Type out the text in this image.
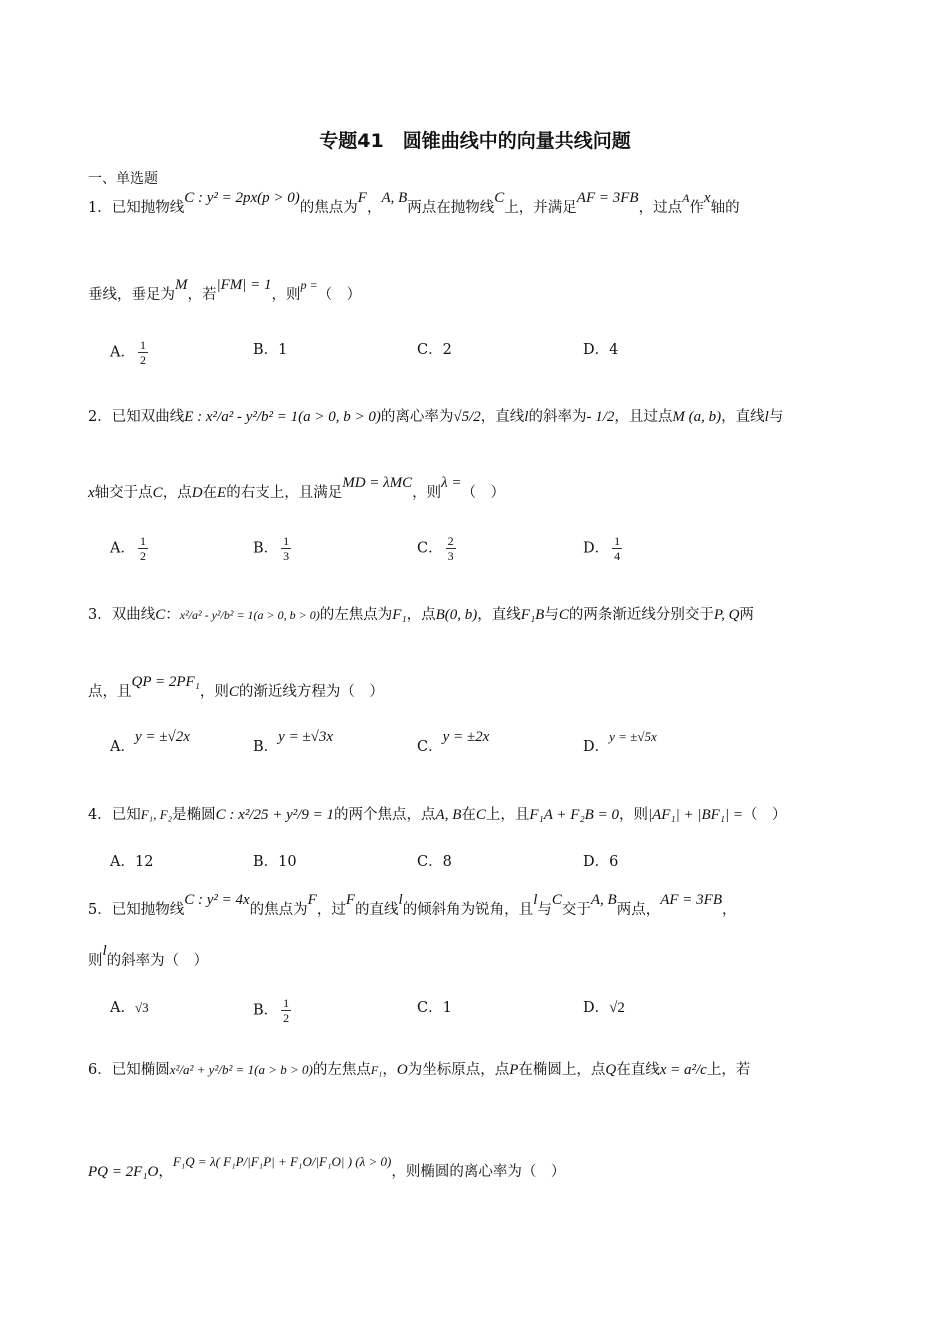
专题41　圆锥曲线中的向量共线问题
一、单选题
1．已知抛物线C : y² = 2px(p > 0)的焦点为F，A, B两点在抛物线C上，并满足AF = 3FB，过点$^A$作x轴的
垂线，垂足为M，若|FM| = 1，则$^{p =}$（　）
A． $\frac{1}{2}$	B．1	C．2	D．4
2．已知双曲线E : x²/a² - y²/b² = 1(a > 0, b > 0)的离心率为√5/2，直线l的斜率为- 1/2，且过点M (a, b)，直线l与
x轴交于点C，点D在E的右支上，且满足MD = λMC，则λ =（　）
A． $\frac{1}{2}$	B． $\frac{1}{3}$	C． $\frac{2}{3}$	D． $\frac{1}{4}$
3．双曲线C：x²/a² - y²/b² = 1(a > 0, b > 0)的左焦点为F₁，点B(0, b)，直线F₁B与C的两条渐近线分别交于P, Q两
点，且QP = 2PF₁，则C的渐近线方程为（　）
A．y = ±√2x
B．y = ±√3x
C．y = ±2x
D．y = ±√5x
4．已知F₁, F₂是椭圆C : x²/25 + y²/9 = 1的两个焦点，点A, B在C上，且F₁A + F₂B = 0，则|AF₁| + |BF₁| =（　）
A．12	B．10	C．8	D．6
5．已知抛物线C : y² = 4x的焦点为F，过F的直线l的倾斜角为锐角，且l与C交于A, B两点，AF = 3FB，
则l的斜率为（　）
A．√3	B． $\frac{1}{2}$	C．1	D．√2
6．已知椭圆x²/a² + y²/b² = 1(a > b > 0)的左焦点F₁，O为坐标原点，点P在椭圆上，点Q在直线x = a²/c上，若
PQ = 2F₁O，F₁Q = λ( F₁P/|F₁P| + F₁O/|F₁O| ) (λ > 0)，则椭圆的离心率为（　）
